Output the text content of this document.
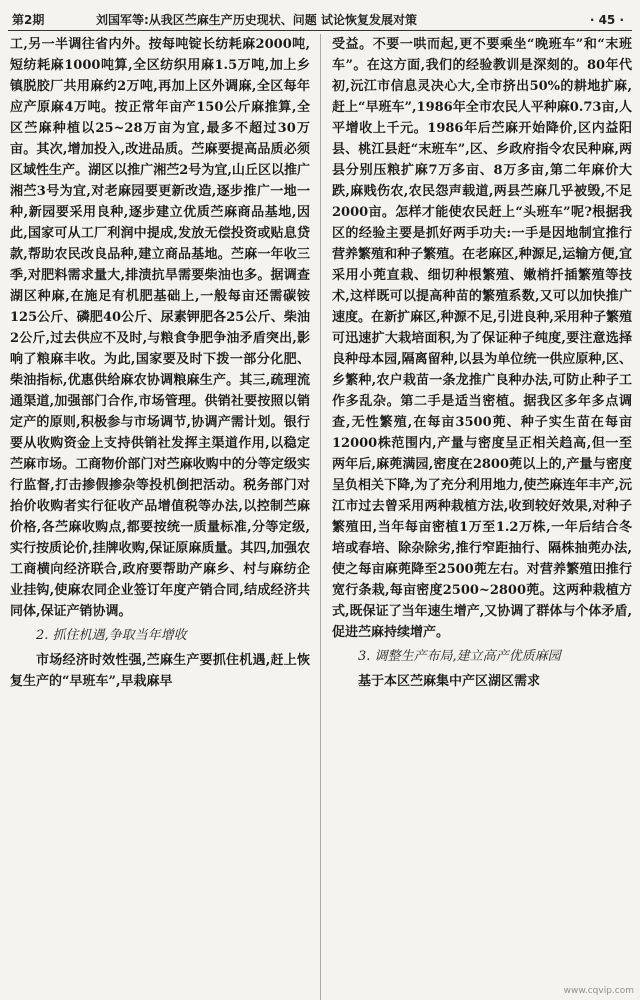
第2期	刘国军等:从我区苎麻生产历史现状、问题 试论恢复发展对策	· 45 ·

工,另一半调往省内外。按每吨锭长纺耗麻2000吨,短纺耗麻1000吨算,全区纺织用麻1.5万吨,加上乡镇脱胶厂共用麻约2万吨,再加上区外调麻,全区每年应产原麻4万吨。按正常年亩产150公斤麻推算,全区苎麻种植以25~28万亩为宜,最多不超过30万亩。其次,增加投入,改进品质。苎麻要提高品质必须区域性生产。湖区以推广湘苎2号为宜,山丘区以推广湘苎3号为宜,对老麻园要更新改造,逐步推广一地一种,新园要采用良种,逐步建立优质苎麻商品基地,因此,国家可从工厂利润中提成,发放无偿投资或贴息贷款,帮助农民改良品种,建立商品基地。苎麻一年收三季,对肥料需求量大,排渍抗旱需要柴油也多。据调查湖区种麻,在施足有机肥基础上,一般每亩还需碳铵125公斤、磷肥40公斤、尿素钾肥各25公斤、柴油2公斤,过去供应不及时,与粮食争肥争油矛盾突出,影响了粮麻丰收。为此,国家要及时下拨一部分化肥、柴油指标,优惠供给麻农协调粮麻生产。其三,疏理流通渠道,加强部门合作,市场管理。供销社要按照以销定产的原则,积极参与市场调节,协调产需计划。银行要从收购资金上支持供销社发挥主渠道作用,以稳定苎麻市场。工商物价部门对苎麻收购中的分等定级实行监督,打击掺假掺杂等投机倒把活动。税务部门对抬价收购者实行征收产品增值税等办法,以控制苎麻价格,各苎麻收购点,都要按统一质量标准,分等定级,实行按质论价,挂牌收购,保证原麻质量。其四,加强农工商横向经济联合,政府要帮助产麻乡、村与麻纺企业挂钩,使麻农同企业签订年度产销合同,结成经济共同体,保证产销协调。

2. 抓住机遇,争取当年增收

市场经济时效性强,苎麻生产要抓住机遇,赶上恢复生产的“早班车”,早栽麻早

受益。不要一哄而起,更不要乘坐“晚班车”和“末班车”。在这方面,我们的经验教训是深刻的。80年代初,沅江市信息灵决心大,全市挤出50%的耕地扩麻,赶上“早班车”,1986年全市农民人平种麻0.73亩,人平增收上千元。1986年后苎麻开始降价,区内益阳县、桃江县赶“末班车”,区、乡政府指令农民种麻,两县分别压粮扩麻7万多亩、8万多亩,第二年麻价大跌,麻贱伤农,农民怨声载道,两县苎麻几乎被毁,不足2000亩。怎样才能使农民赶上“头班车”呢?根据我区的经验主要是抓好两手功夫:一手是因地制宜推行营养繁殖和种子繁殖。在老麻区,种源足,运输方便,宜采用小蔸直栽、细切种根繁殖、嫩梢扦插繁殖等技术,这样既可以提高种苗的繁殖系数,又可以加快推广速度。在新扩麻区,种源不足,引进良种,采用种子繁殖可迅速扩大栽培面积,为了保证种子纯度,要注意选择良种母本园,隔离留种,以县为单位统一供应原种,区、乡繁种,农户栽苗一条龙推广良种办法,可防止种子工作多乱杂。第二手是适当密植。据我区多年多点调查,无性繁殖,在每亩3500蔸、种子实生苗在每亩12000株范围内,产量与密度呈正相关趋高,但一至两年后,麻蔸满园,密度在2800蔸以上的,产量与密度呈负相关下降,为了充分利用地力,使苎麻连年丰产,沅江市过去曾采用两种栽植方法,收到较好效果,对种子繁殖田,当年每亩密植1万至1.2万株,一年后结合冬培或春培、除杂除劣,推行窄距抽行、隔株抽蔸办法,使之每亩麻蔸降至2500蔸左右。对营养繁殖田推行宽行条栽,每亩密度2500~2800蔸。这两种栽植方式,既保证了当年速生增产,又协调了群体与个体矛盾,促进苎麻持续增产。

3. 调整生产布局,建立高产优质麻园

基于本区苎麻集中产区湖区需求

www.cqvip.com
